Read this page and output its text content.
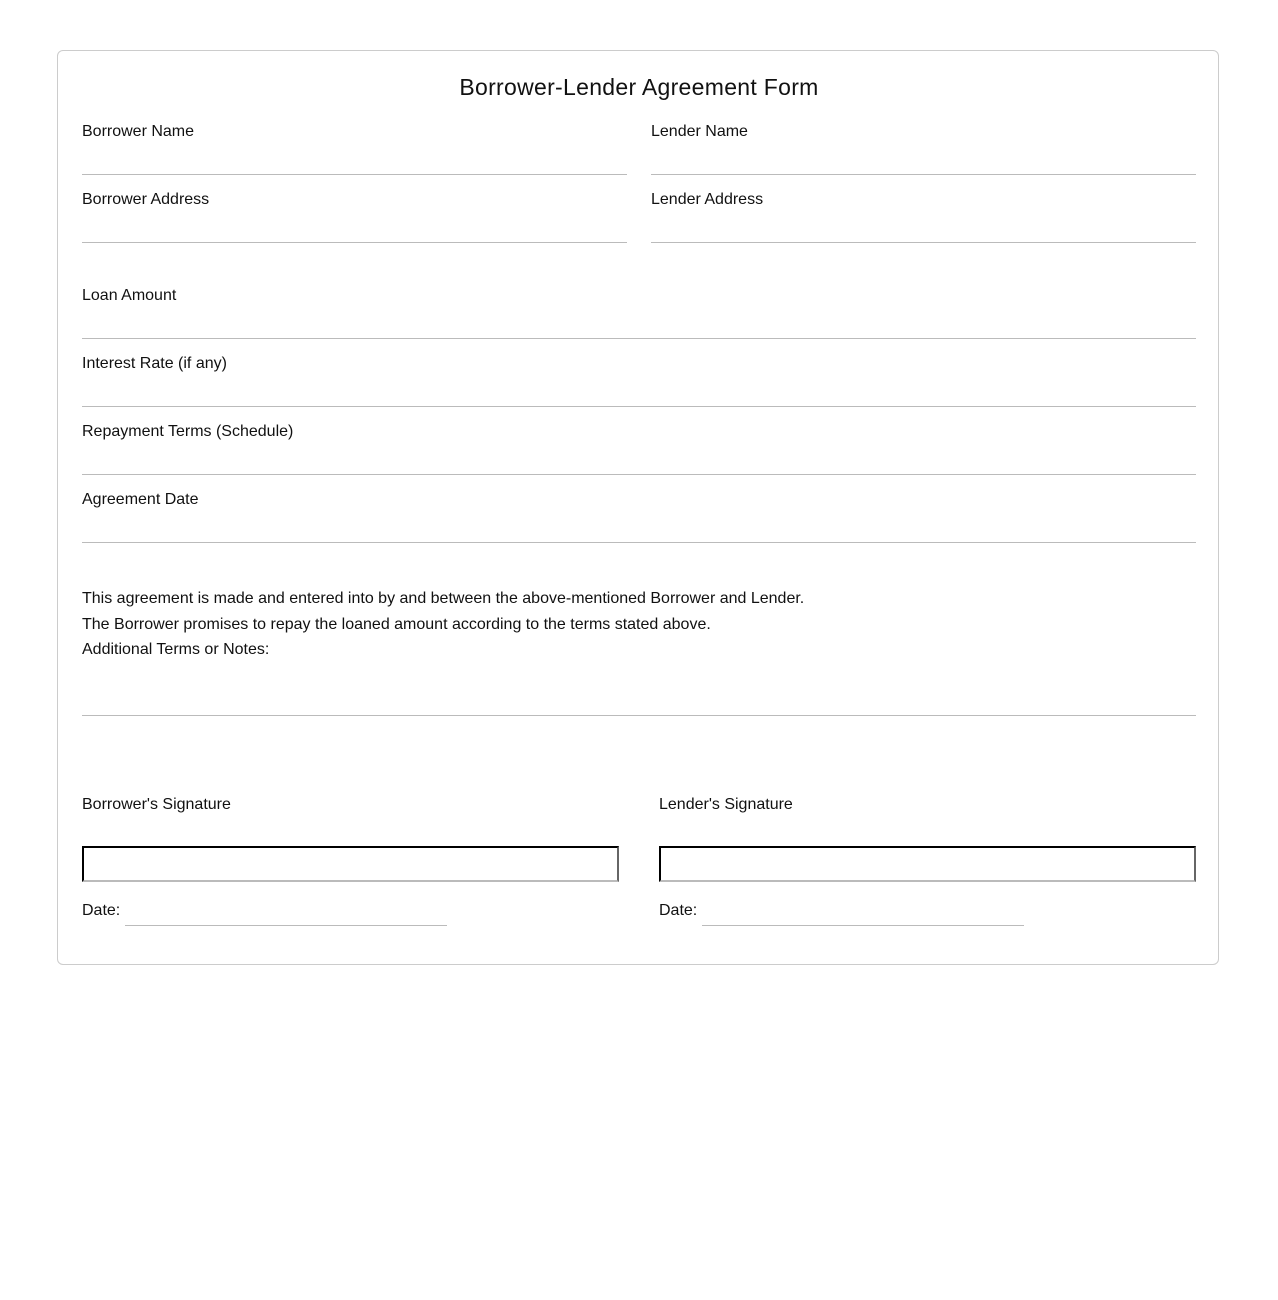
Borrower-Lender Agreement Form
Borrower Name	Lender Name
Borrower Address	Lender Address
Loan Amount
Interest Rate (if any)
Repayment Terms (Schedule)
Agreement Date
This agreement is made and entered into by and between the above-mentioned Borrower and Lender.
The Borrower promises to repay the loaned amount according to the terms stated above.
Additional Terms or Notes:
Borrower's Signature
Date:
Lender's Signature
Date:
